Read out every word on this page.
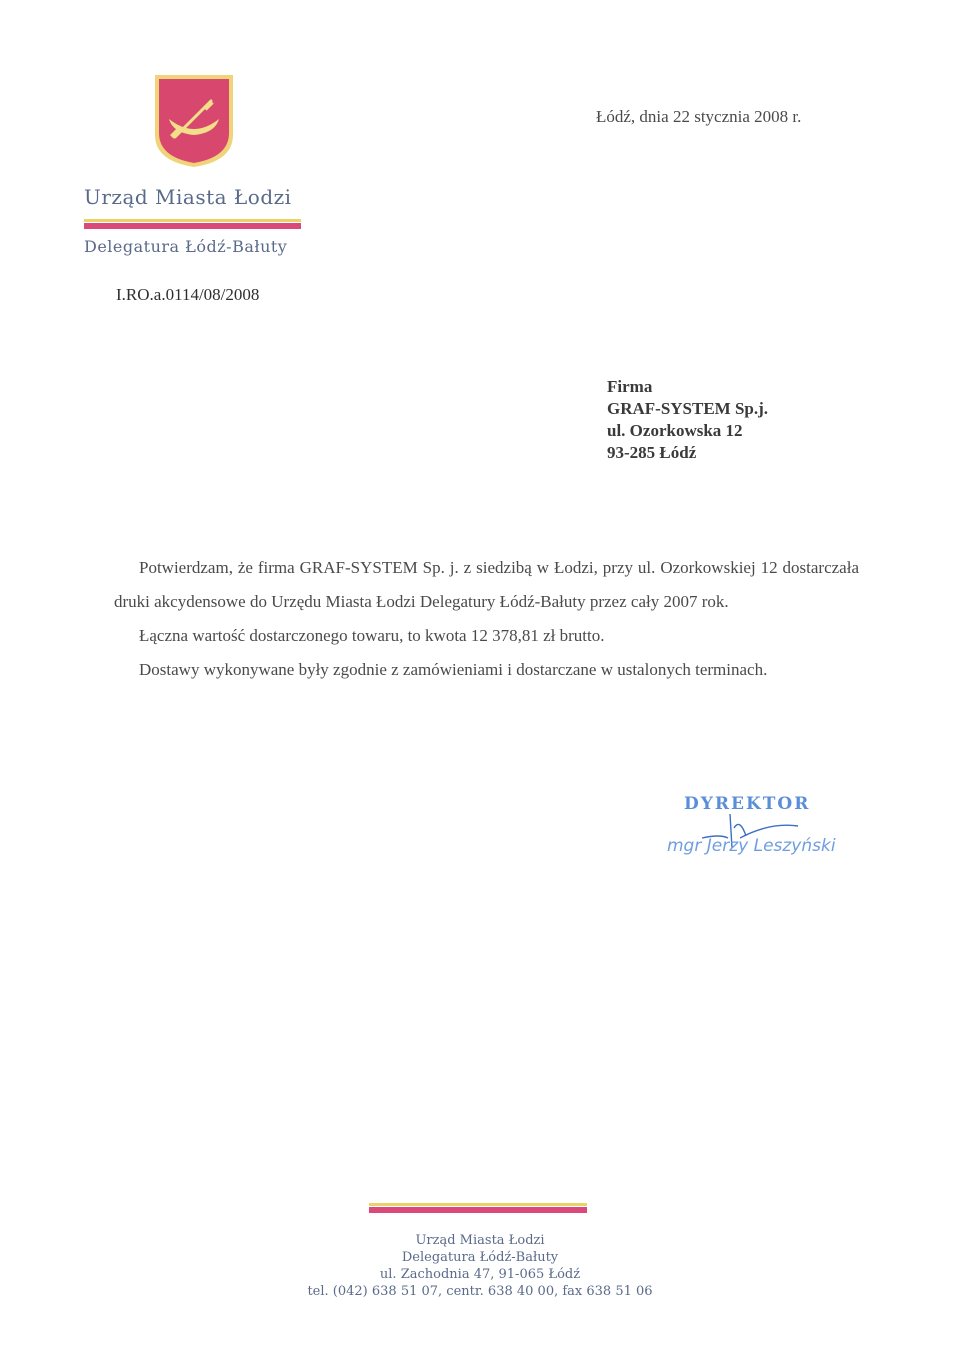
Urząd Miasta Łodzi
Delegatura Łódź-Bałuty
I.RO.a.0114/08/2008
Łódź, dnia 22 stycznia 2008 r.
Firma
GRAF-SYSTEM Sp.j.
ul. Ozorkowska 12
93-285 Łódź

Potwierdzam, że firma GRAF-SYSTEM Sp. j. z siedzibą w Łodzi, przy ul. Ozorkowskiej 12 dostarczała druki akcydensowe do Urzędu Miasta Łodzi Delegatury Łódź-Bałuty przez cały 2007 rok.

Łączna wartość dostarczonego towaru, to kwota 12 378,81 zł brutto.

Dostawy wykonywane były zgodnie z zamówieniami i dostarczane w ustalonych terminach.

DYREKTOR
mgr Jerzy Leszyński
Urząd Miasta Łodzi
Delegatura Łódź-Bałuty
ul. Zachodnia 47, 91-065 Łódź
tel. (042) 638 51 07, centr. 638 40 00, fax 638 51 06
